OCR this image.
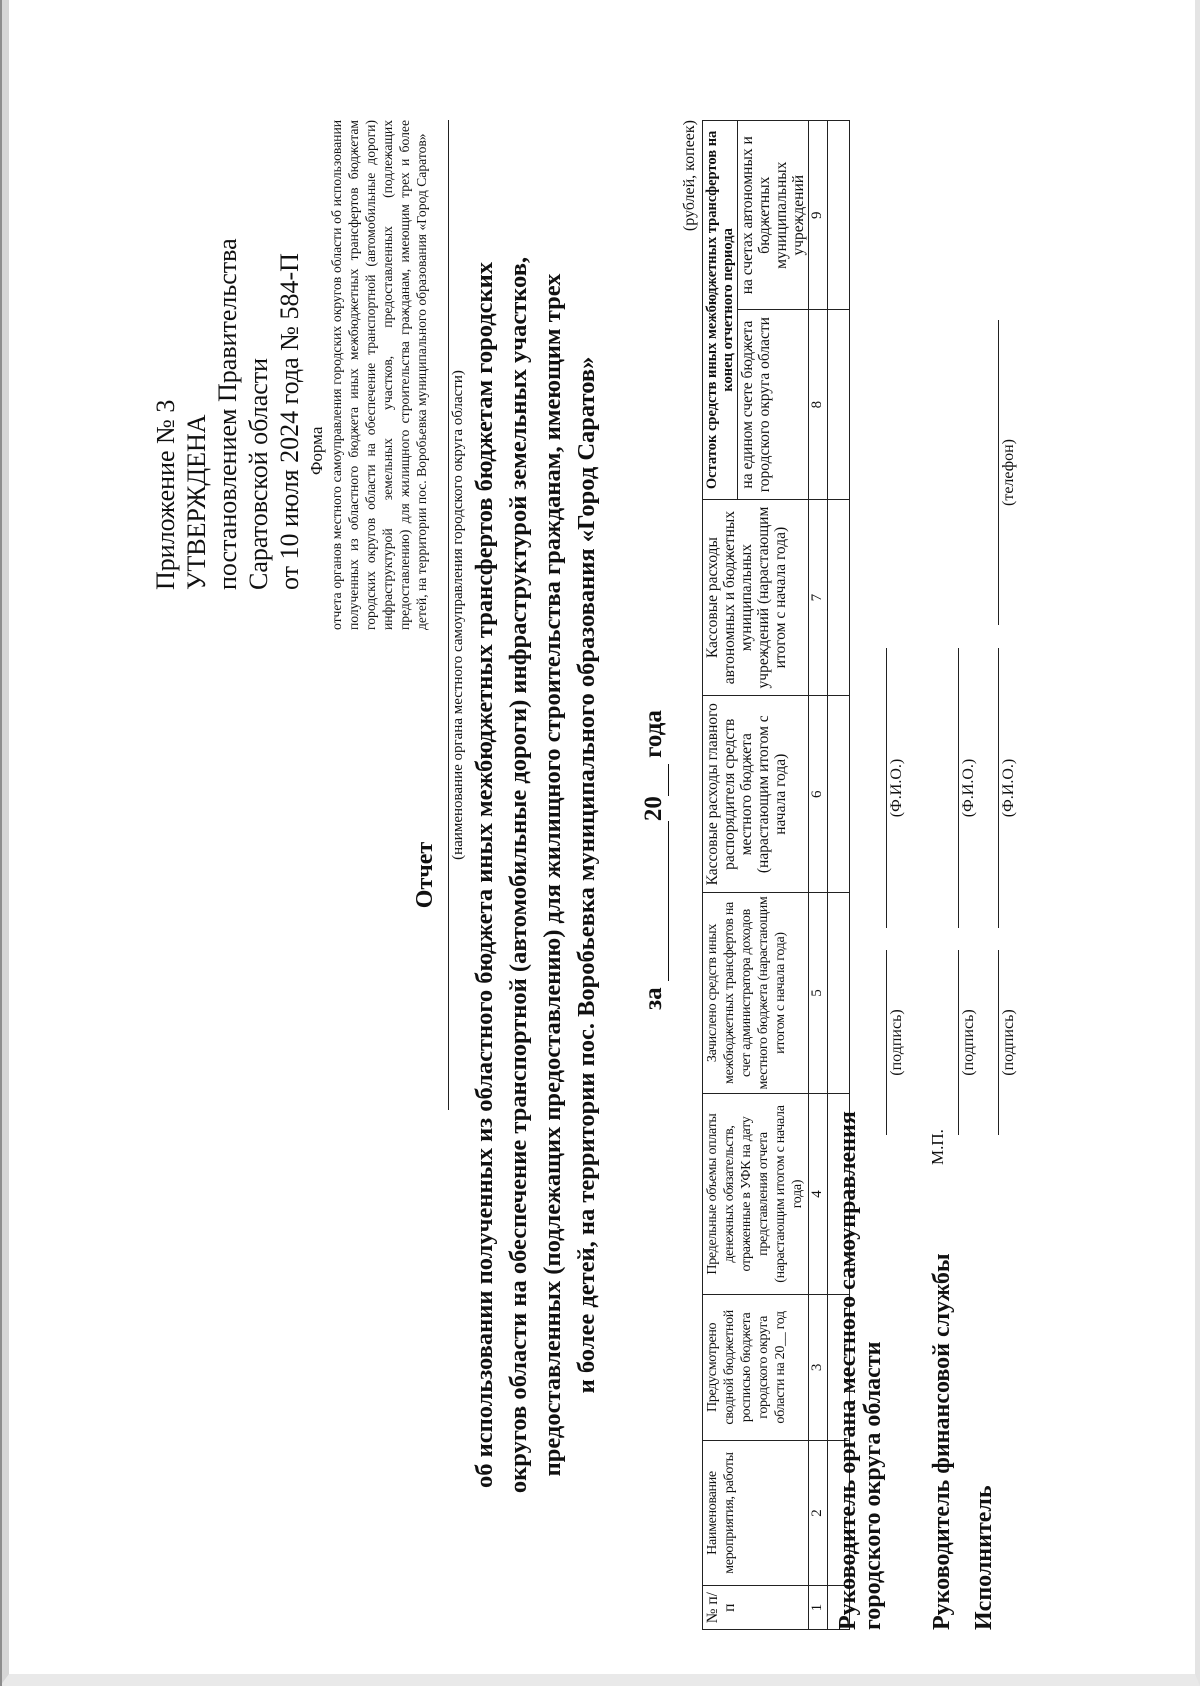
Приложение № 3 УТВЕРЖДЕНА постановлением Правительства Саратовской области от 10 июля 2024 года № 584-П Форма отчета органов местного самоуправления городских округов области об использовании полученных из областного бюджета иных межбюджетных трансфертов бюджетам городских округов области на обеспечение транспортной (автомобильные дороги) инфраструктурой земельных участков, предоставленных (подлежащих предоставлению) для жилищного строительства гражданам, имеющим трех и более детей, на территории пос. Воробьевка муниципального образования «Город Саратов»
Отчет
(наименование органа местного самоуправления городского округа области) об использовании полученных из областного бюджета иных межбюджетных трансфертов бюджетам городских округов области на обеспечение транспортной (автомобильные дороги) инфраструктурой земельных участков, предоставленных (подлежащих предоставлению) для жилищного строительства гражданам, имеющим трех и более детей, на территории пос. Воробьевка муниципального образования «Город Саратов» за  20  года
(рублей, копеек)
№ п/п	Наименование мероприятия, работы	Предусмотрено сводной бюджетной росписью бюджета городского округа области на 20__ год	Предельные объемы оплаты денежных обязательств, отраженные в УФК на дату представления отчета (нарастающим итогом с начала года)	Зачислено средств иных межбюджетных трансфертов на счет администратора доходов местного бюджета (нарастающим итогом с начала года)	Кассовые расходы главного распорядителя средств местного бюджета (нарастающим итогом с начала года)	Кассовые расходы автономных и бюджетных муниципальных учреждений (нарастающим итогом с начала года)	Остаток средств иных межбюджетных трансфертов на конец отчетного периода	
							на едином счете бюджета городского округа области	на счетах автономных и бюджетных муниципальных учреждений
1	2	3	4	5	6	7	8	9

Руководитель органа местного самоуправления городского округа области
(подпись)
(Ф.И.О.)
М.П.
Руководитель финансовой службы
(подпись)
(Ф.И.О.)
Исполнитель
(подпись)
(Ф.И.О.)
(телефон)
